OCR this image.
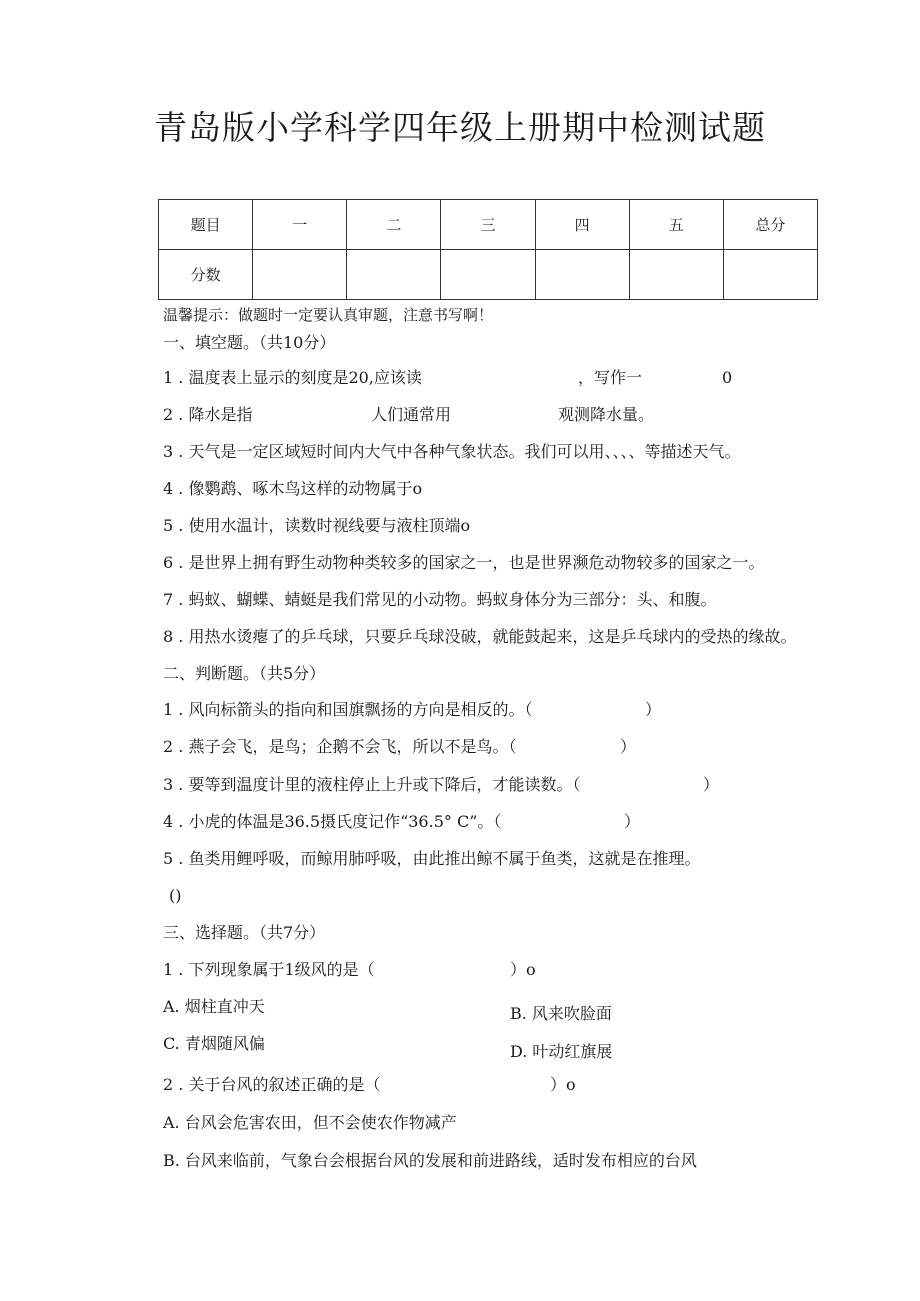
青岛版小学科学四年级上册期中检测试题
题目	一	二	三	四	五	总分
分数						
温馨提示：做题时一定要认真审题，注意书写啊！
一、填空题。（共10分）
1 . 温度表上显示的刻度是20,应该读	，写作一	0
2 . 降水是指	人们通常用	观测降水量。
3 . 天气是一定区域短时间内大气中各种气象状态。我们可以用、、、、等描述天气。
4 . 像鹦鹉、啄木鸟这样的动物属于o
5 . 使用水温计，读数时视线要与液柱顶端o
6 . 是世界上拥有野生动物种类较多的国家之一，也是世界濒危动物较多的国家之一。
7 . 蚂蚁、蝴蝶、蜻蜓是我们常见的小动物。蚂蚁身体分为三部分：头、和腹。
8 . 用热水烫瘪了的乒乓球，只要乒乓球没破，就能鼓起来，这是乒乓球内的受热的缘故。
二、判断题。（共5分）
1 . 风向标箭头的指向和国旗飘扬的方向是相反的。（	）
2 . 燕子会飞，是鸟；企鹅不会飞，所以不是鸟。（	）
3 . 要等到温度计里的液柱停止上升或下降后，才能读数。（	）
4 . 小虎的体温是36.5摄氏度记作“36.5° C”。（	）
5 . 鱼类用鲤呼吸，而鲸用肺呼吸，由此推出鲸不属于鱼类，这就是在推理。
()
三、选择题。（共7分）
1 . 下列现象属于1级风的是（	）o
A. 烟柱直冲天	B. 风来吹脸面
C. 青烟随风偏	D. 叶动红旗展
2 . 关于台风的叙述正确的是（	）o
A. 台风会危害农田，但不会使农作物减产
B. 台风来临前，气象台会根据台风的发展和前进路线，适时发布相应的台风
